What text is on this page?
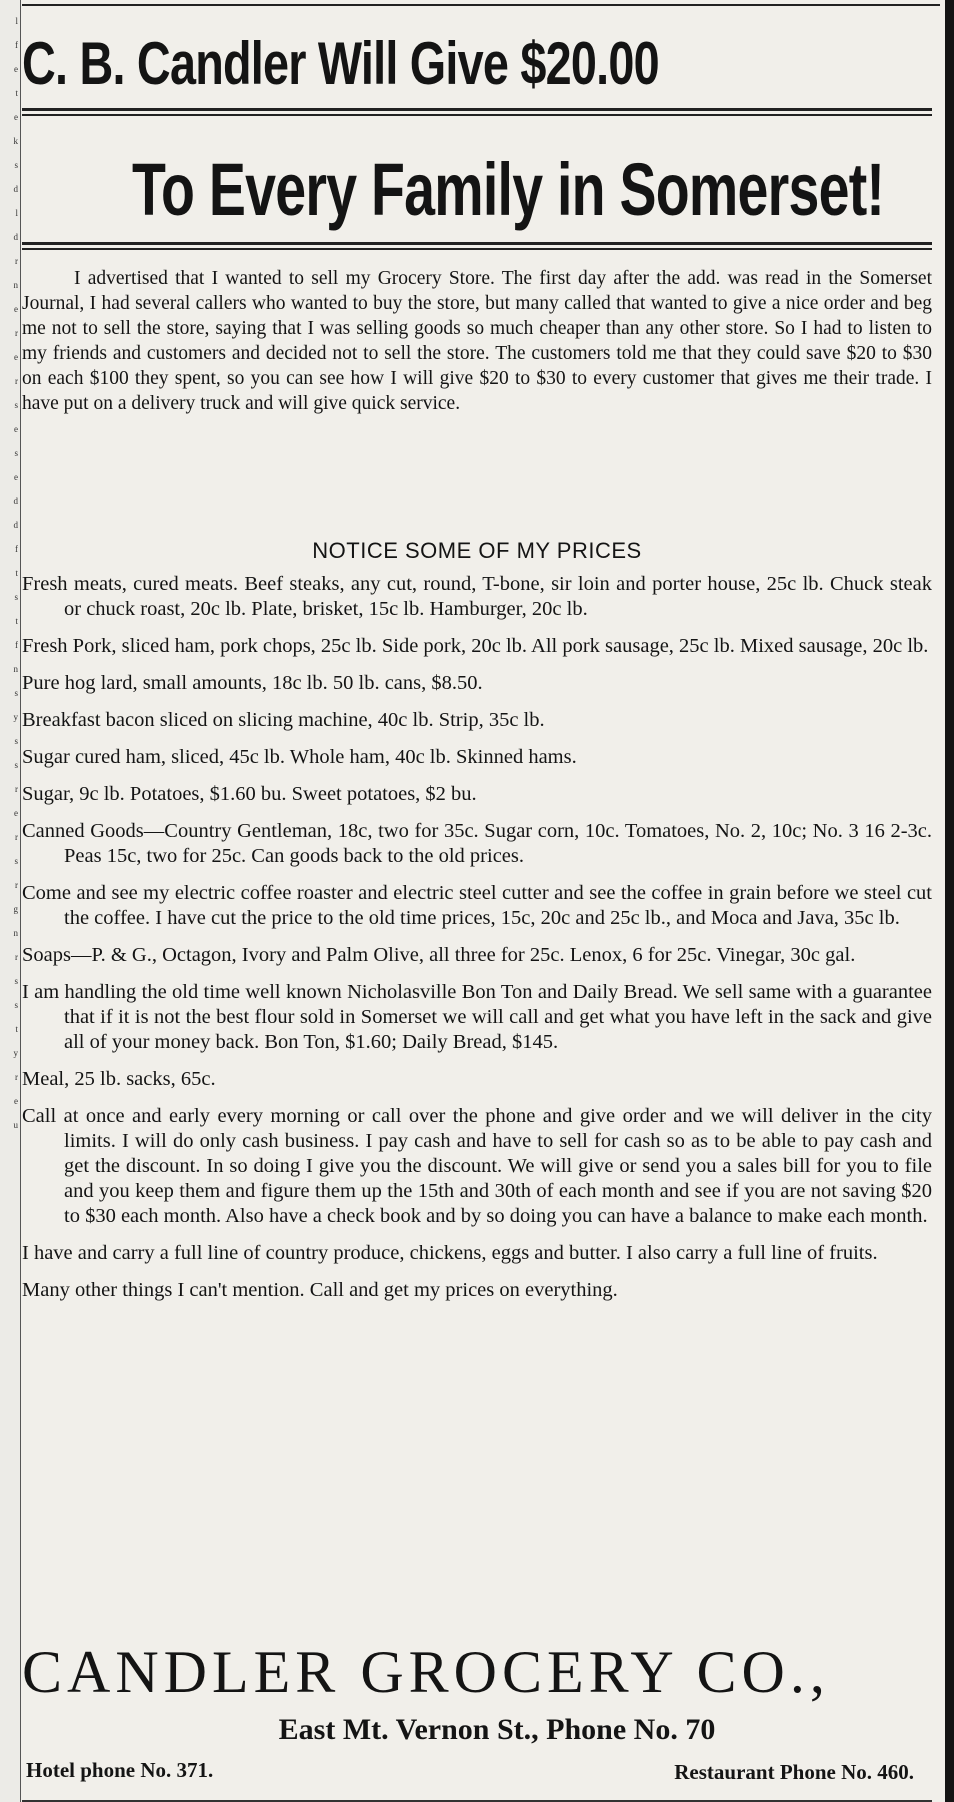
l
f
e
t
e
k
s
d
l
d
r
n
e
r
e
r
s
e
s
e
d
d
f
t
s
t
f
n
s
y
s
s
r
e
r
s
r
g
n
r
s
s
t
y
r
e
u
C. B. Candler Will Give $20.00
To Every Family in Somerset!
I advertised that I wanted to sell my Grocery Store. The first day after the add. was read in the Somerset Journal, I had several callers who wanted to buy the store, but many called that wanted to give a nice order and beg me not to sell the store, saying that I was selling goods so much cheaper than any other store. So I had to listen to my friends and customers and decided not to sell the store. The customers told me that they could save $20 to $30 on each $100 they spent, so you can see how I will give $20 to $30 to every customer that gives me their trade. I have put on a delivery truck and will give quick service.
NOTICE SOME OF MY PRICES
Fresh meats, cured meats. Beef steaks, any cut, round, T-bone, sir loin and porter house, 25c lb. Chuck steak or chuck roast, 20c lb. Plate, brisket, 15c lb. Hamburger, 20c lb.
Fresh Pork, sliced ham, pork chops, 25c lb. Side pork, 20c lb. All pork sausage, 25c lb. Mixed sausage, 20c lb.
Pure hog lard, small amounts, 18c lb. 50 lb. cans, $8.50.
Breakfast bacon sliced on slicing machine, 40c lb. Strip, 35c lb.
Sugar cured ham, sliced, 45c lb. Whole ham, 40c lb. Skinned hams.
Sugar, 9c lb. Potatoes, $1.60 bu. Sweet potatoes, $2 bu.
Canned Goods—Country Gentleman, 18c, two for 35c. Sugar corn, 10c. Tomatoes, No. 2, 10c; No. 3 16 2-3c. Peas 15c, two for 25c. Can goods back to the old prices.
Come and see my electric coffee roaster and electric steel cutter and see the coffee in grain before we steel cut the coffee. I have cut the price to the old time prices, 15c, 20c and 25c lb., and Moca and Java, 35c lb.
Soaps—P. & G., Octagon, Ivory and Palm Olive, all three for 25c. Lenox, 6 for 25c. Vinegar, 30c gal.
I am handling the old time well known Nicholasville Bon Ton and Daily Bread. We sell same with a guarantee that if it is not the best flour sold in Somerset we will call and get what you have left in the sack and give all of your money back. Bon Ton, $1.60; Daily Bread, $145.
Meal, 25 lb. sacks, 65c.
Call at once and early every morning or call over the phone and give order and we will deliver in the city limits. I will do only cash business. I pay cash and have to sell for cash so as to be able to pay cash and get the discount. In so doing I give you the discount. We will give or send you a sales bill for you to file and you keep them and figure them up the 15th and 30th of each month and see if you are not saving $20 to $30 each month. Also have a check book and by so doing you can have a balance to make each month.
I have and carry a full line of country produce, chickens, eggs and butter. I also carry a full line of fruits.
Many other things I can't mention. Call and get my prices on everything.
CANDLER GROCERY CO.,
East Mt. Vernon St., Phone No. 70
Hotel phone No. 371.	Restaurant Phone No. 460.
